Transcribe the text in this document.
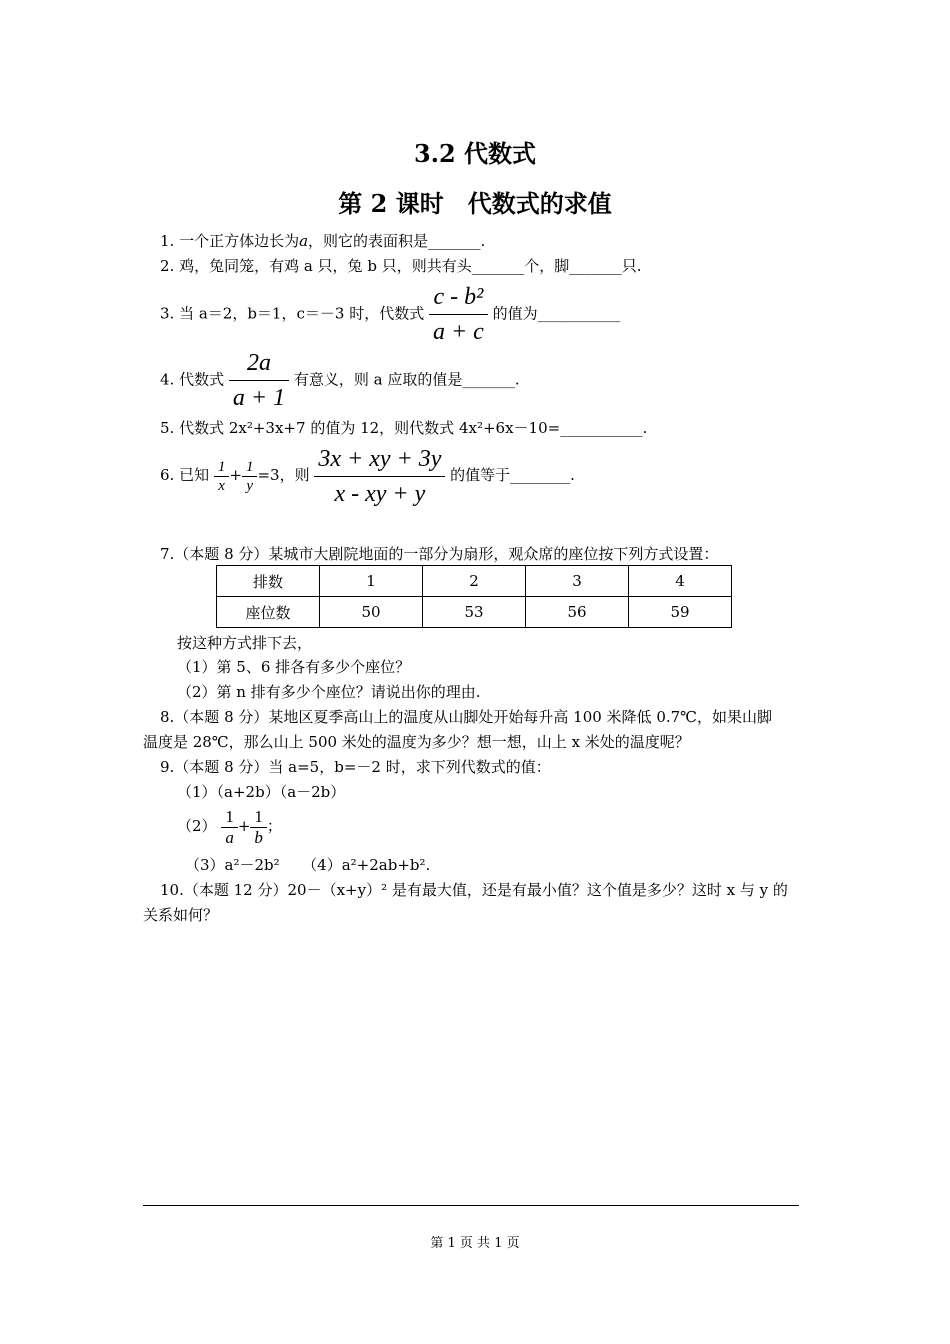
3.2 代数式
第 2 课时　代数式的求值
1. 一个正方体边长为a，则它的表面积是_______.
2. 鸡，兔同笼，有鸡 a 只，兔 b 只，则共有头_______个，脚_______只.
3. 当 a＝2，b＝1，c＝－3 时，代数式 $\frac{\text{c - b²}}{a + c}$ 的值为___________
4. 代数式 $\frac{2a}{a + 1}$ 有意义，则 a 应取的值是_______.
5. 代数式 2x²+3x+7 的值为 12，则代数式 4x²+6x－10=___________.
6. 已知 $\frac{1}{x} + \frac{1}{y} =3$，则 $\frac{3x + xy + 3y}{x - xy + y}$ 的值等于________.
7.（本题 8 分）某城市大剧院地面的一部分为扇形，观众席的座位按下列方式设置：
排数	1	2	3	4
座位数	50	53	56	59
按这种方式排下去，
（1）第 5、6 排各有多少个座位？
（2）第 n 排有多少个座位？请说出你的理由.
8.（本题 8 分）某地区夏季高山上的温度从山脚处开始每升高 100 米降低 0.7℃，如果山脚
温度是 28℃，那么山上 500 米处的温度为多少？想一想，山上 x 米处的温度呢？
9.（本题 8 分）当 a=5，b=－2 时，求下列代数式的值：
（1）（a+2b）（a－2b）
$(2) \frac{1}{a} + \frac{1}{b}$ ；
（3）a²－2b²　　（4）a²+2ab+b².
10.（本题 12 分）20－（x+y）² 是有最大值，还是有最小值？这个值是多少？这时 x 与 y 的
关系如何？
第 1 页 共 1 页
